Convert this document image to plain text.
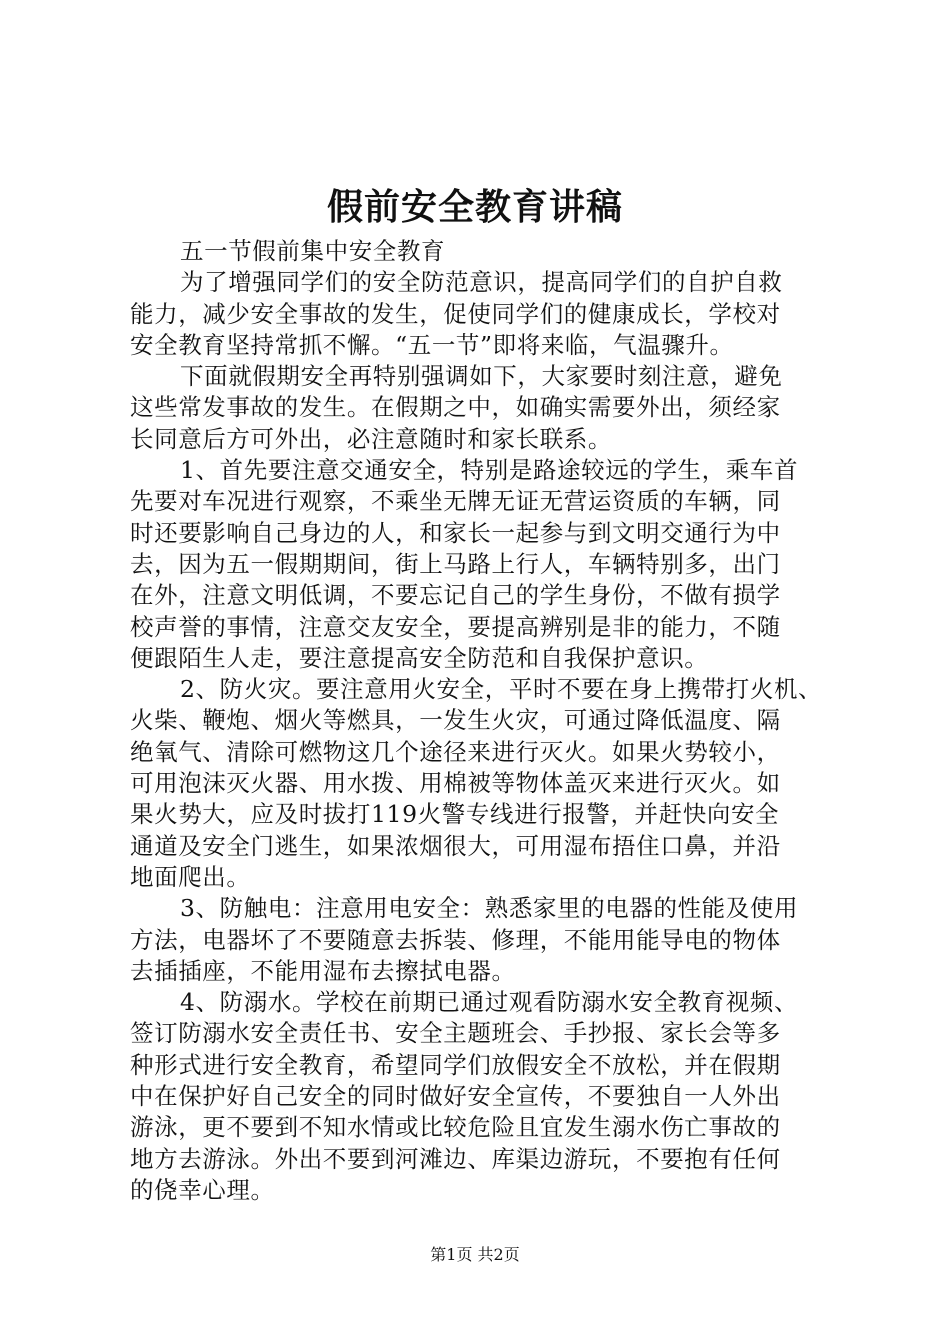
假前安全教育讲稿
五一节假前集中安全教育
为了增强同学们的安全防范意识，提高同学们的自护自救
能力，减少安全事故的发生，促使同学们的健康成长，学校对
安全教育坚持常抓不懈。“五一节”即将来临，气温骤升。
下面就假期安全再特别强调如下，大家要时刻注意，避免
这些常发事故的发生。在假期之中，如确实需要外出，须经家
长同意后方可外出，必注意随时和家长联系。
1、首先要注意交通安全，特别是路途较远的学生，乘车首
先要对车况进行观察，不乘坐无牌无证无营运资质的车辆，同
时还要影响自己身边的人，和家长一起参与到文明交通行为中
去，因为五一假期期间，街上马路上行人，车辆特别多，出门
在外，注意文明低调，不要忘记自己的学生身份，不做有损学
校声誉的事情，注意交友安全，要提高辨别是非的能力，不随
便跟陌生人走，要注意提高安全防范和自我保护意识。
2、防火灾。要注意用火安全，平时不要在身上携带打火机、
火柴、鞭炮、烟火等燃具，一发生火灾，可通过降低温度、隔
绝氧气、清除可燃物这几个途径来进行灭火。如果火势较小，
可用泡沫灭火器、用水拨、用棉被等物体盖灭来进行灭火。如
果火势大，应及时拔打119火警专线进行报警，并赶快向安全
通道及安全门逃生，如果浓烟很大，可用湿布捂住口鼻，并沿
地面爬出。
3、防触电：注意用电安全：熟悉家里的电器的性能及使用
方法，电器坏了不要随意去拆装、修理，不能用能导电的物体
去插插座，不能用湿布去擦拭电器。
4、防溺水。学校在前期已通过观看防溺水安全教育视频、
签订防溺水安全责任书、安全主题班会、手抄报、家长会等多
种形式进行安全教育，希望同学们放假安全不放松，并在假期
中在保护好自己安全的同时做好安全宣传，不要独自一人外出
游泳，更不要到不知水情或比较危险且宜发生溺水伤亡事故的
地方去游泳。外出不要到河滩边、库渠边游玩，不要抱有任何
的侥幸心理。
第1页 共2页
